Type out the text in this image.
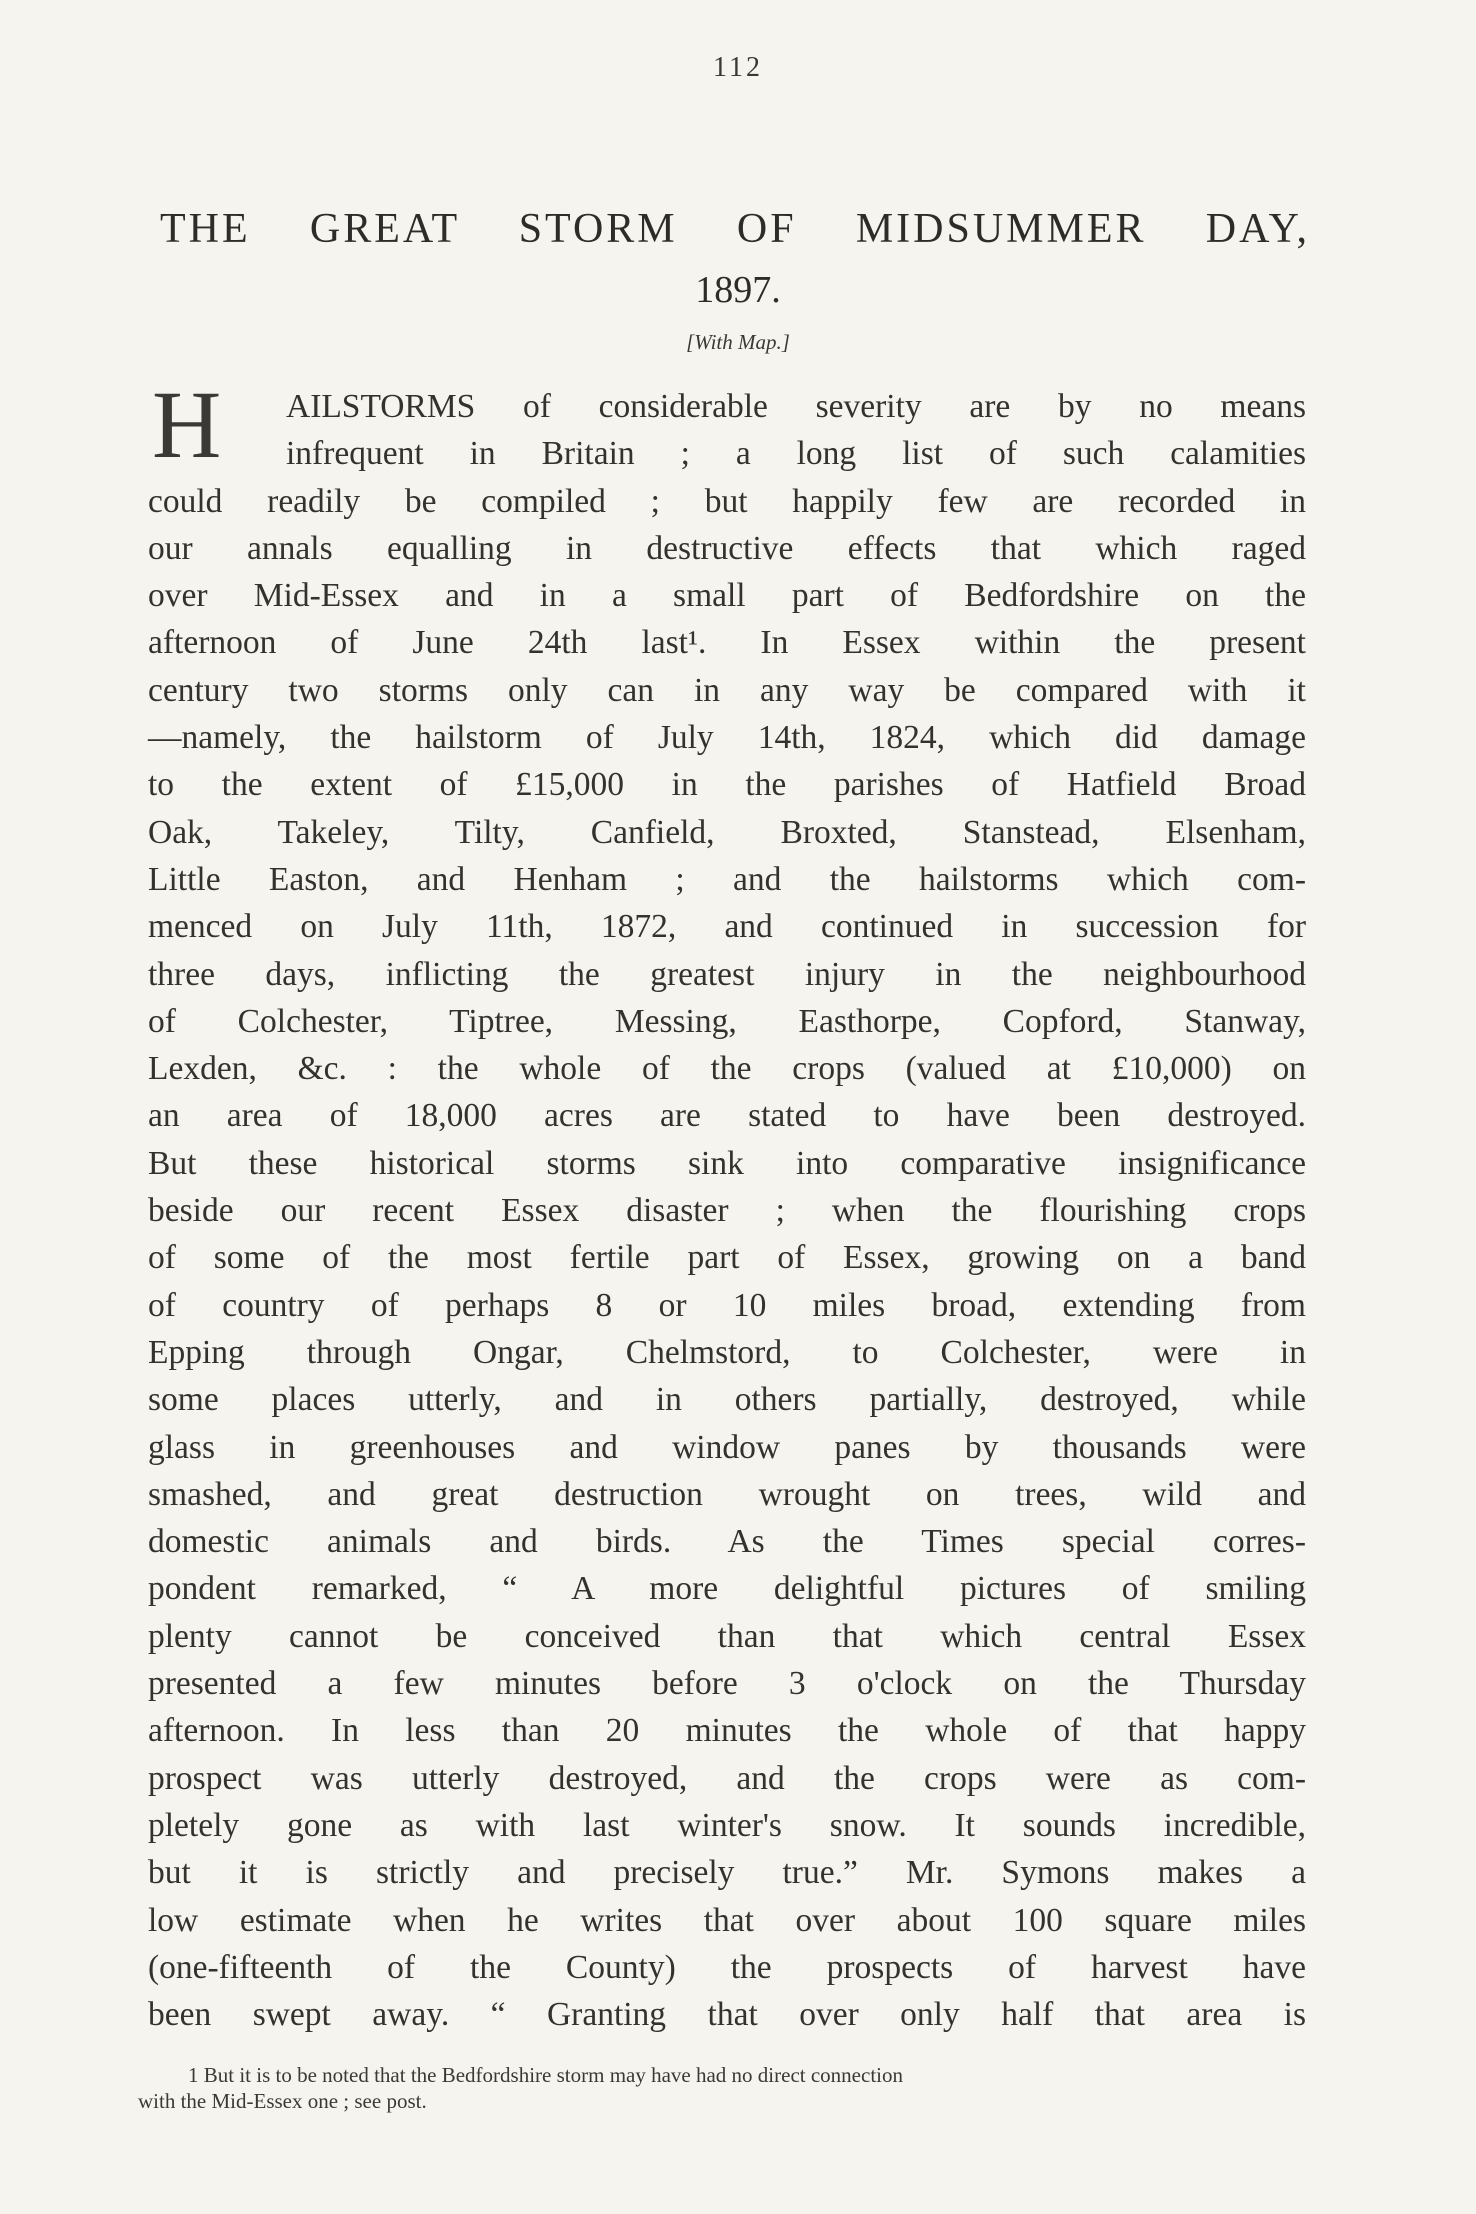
112
THE GREAT STORM OF MIDSUMMER DAY,
1897.
[With Map.]
H	AILSTORMS of considerable severity are by no means
infrequent in Britain ; a long list of such calamities
could readily be compiled ; but happily few are recorded in
our annals equalling in destructive effects that which raged
over Mid-Essex and in a small part of Bedfordshire on the
afternoon of June 24th last¹. In Essex within the present
century two storms only can in any way be compared with it
—namely, the hailstorm of July 14th, 1824, which did damage
to the extent of £15,000 in the parishes of Hatfield Broad
Oak, Takeley, Tilty, Canfield, Broxted, Stanstead, Elsenham,
Little Easton, and Henham ; and the hailstorms which com-
menced on July 11th, 1872, and continued in succession for
three days, inflicting the greatest injury in the neighbourhood
of Colchester, Tiptree, Messing, Easthorpe, Copford, Stanway,
Lexden, &c. : the whole of the crops (valued at £10,000) on
an area of 18,000 acres are stated to have been destroyed.
But these historical storms sink into comparative insignificance
beside our recent Essex disaster ; when the flourishing crops
of some of the most fertile part of Essex, growing on a band
of country of perhaps 8 or 10 miles broad, extending from
Epping through Ongar, Chelmstord, to Colchester, were in
some places utterly, and in others partially, destroyed, while
glass in greenhouses and window panes by thousands were
smashed, and great destruction wrought on trees, wild and
domestic animals and birds. As the Times special corres-
pondent remarked, “ A more delightful pictures of smiling
plenty cannot be conceived than that which central Essex
presented a few minutes before 3 o'clock on the Thursday
afternoon. In less than 20 minutes the whole of that happy
prospect was utterly destroyed, and the crops were as com-
pletely gone as with last winter's snow. It sounds incredible,
but it is strictly and precisely true.” Mr. Symons makes a
low estimate when he writes that over about 100 square miles
(one-fifteenth of the County) the prospects of harvest have
been swept away. “ Granting that over only half that area is
1 But it is to be noted that the Bedfordshire storm may have had no direct connection
with the Mid-Essex one ; see post.
